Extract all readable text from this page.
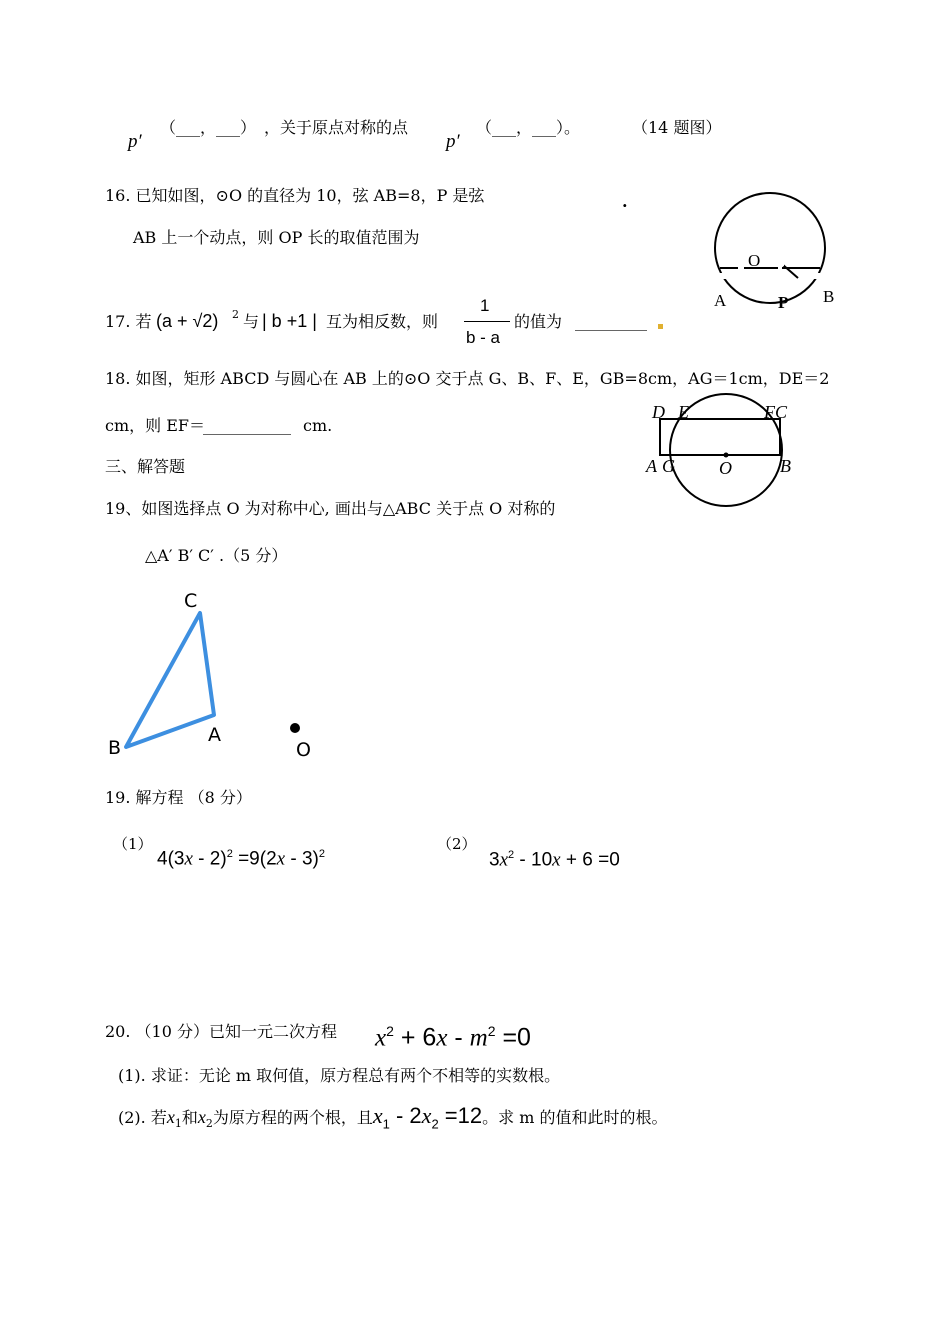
p′
（___，___） ，关于原点对称的点
p′
（___，___）。	（14 题图）
16. 已知如图，⊙O 的直径为 10，弦 AB=8，P 是弦
AB 上一个动点，则 OP 长的取值范围为
.
O
A	P B
17. 若 (a + √2) 2 与 | b +1 | 互为相反数，则
1
b - a
的值为 _________
18. 如图，矩形 ABCD 与圆心在 AB 上的⊙O 交于点 G、B、F、E，GB=8cm，AG＝1cm，DE＝2
cm，则 EF＝
___________ cm.
D E	FC
A G O	B
三、解答题
19、如图选择点 O 为对称中心, 画出与△ABC 关于点 O 对称的
△A′ B′ C′ .（5 分）
C
B
A
O
19. 解方程 （8 分）
（1）
4(3x - 2)$^2$ =9(2x - 3)$^2$
（2）
$3x^2 - 10x + 6 =0$
20. （10 分）已知一元二次方程 $x^2 + 6x - m^2 =0$
(1). 求证：无论 m 取何值，原方程总有两个不相等的实数根。
(2). 若$x_1$和$x_2$为原方程的两个根，且$x_1 - 2x_2 =12$。求 m 的值和此时的根。
